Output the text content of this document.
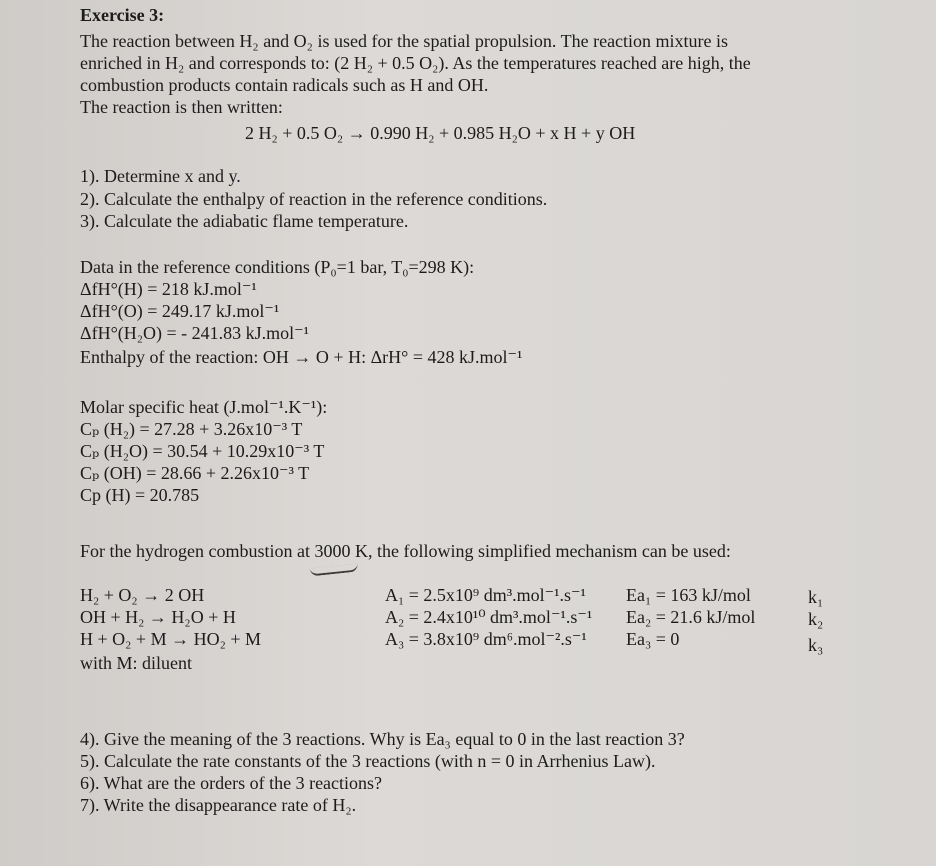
Exercise 3:
The reaction between H₂ and O₂ is used for the spatial propulsion. The reaction mixture is
enriched in H₂ and corresponds to: (2 H₂ + 0.5 O₂). As the temperatures reached are high, the
combustion products contain radicals such as H and OH.
The reaction is then written:
2 H₂ + 0.5 O₂ → 0.990 H₂ + 0.985 H₂O + x H + y OH
1). Determine x and y.
2). Calculate the enthalpy of reaction in the reference conditions.
3). Calculate the adiabatic flame temperature.
Data in the reference conditions (P₀=1 bar, T₀=298 K):
ΔfH°(H) = 218 kJ.mol⁻¹
ΔfH°(O) = 249.17 kJ.mol⁻¹
ΔfH°(H₂O) = - 241.83 kJ.mol⁻¹
Enthalpy of the reaction: OH → O + H: ΔrH° = 428 kJ.mol⁻¹
Molar specific heat (J.mol⁻¹.K⁻¹):
Cₚ (H₂) = 27.28 + 3.26x10⁻³ T
Cₚ (H₂O) = 30.54 + 10.29x10⁻³ T
Cₚ (OH) = 28.66 + 2.26x10⁻³ T
Cp (H) = 20.785
For the hydrogen combustion at 3000 K, the following simplified mechanism can be used:
H₂ + O₂ → 2 OH	A₁ = 2.5x10⁹ dm³.mol⁻¹.s⁻¹ Ea₁ = 163 kJ/mol	k₁
OH + H₂ → H₂O + H	A₂ = 2.4x10¹⁰ dm³.mol⁻¹.s⁻¹ Ea₂ = 21.6 kJ/mol	k₂
H + O₂ + M → HO₂ + M	A₃ = 3.8x10⁹ dm⁶.mol⁻².s⁻¹ Ea₃ = 0	k₃
with M: diluent
4). Give the meaning of the 3 reactions. Why is Ea₃ equal to 0 in the last reaction 3?
5). Calculate the rate constants of the 3 reactions (with n = 0 in Arrhenius Law).
6). What are the orders of the 3 reactions?
7). Write the disappearance rate of H₂.
